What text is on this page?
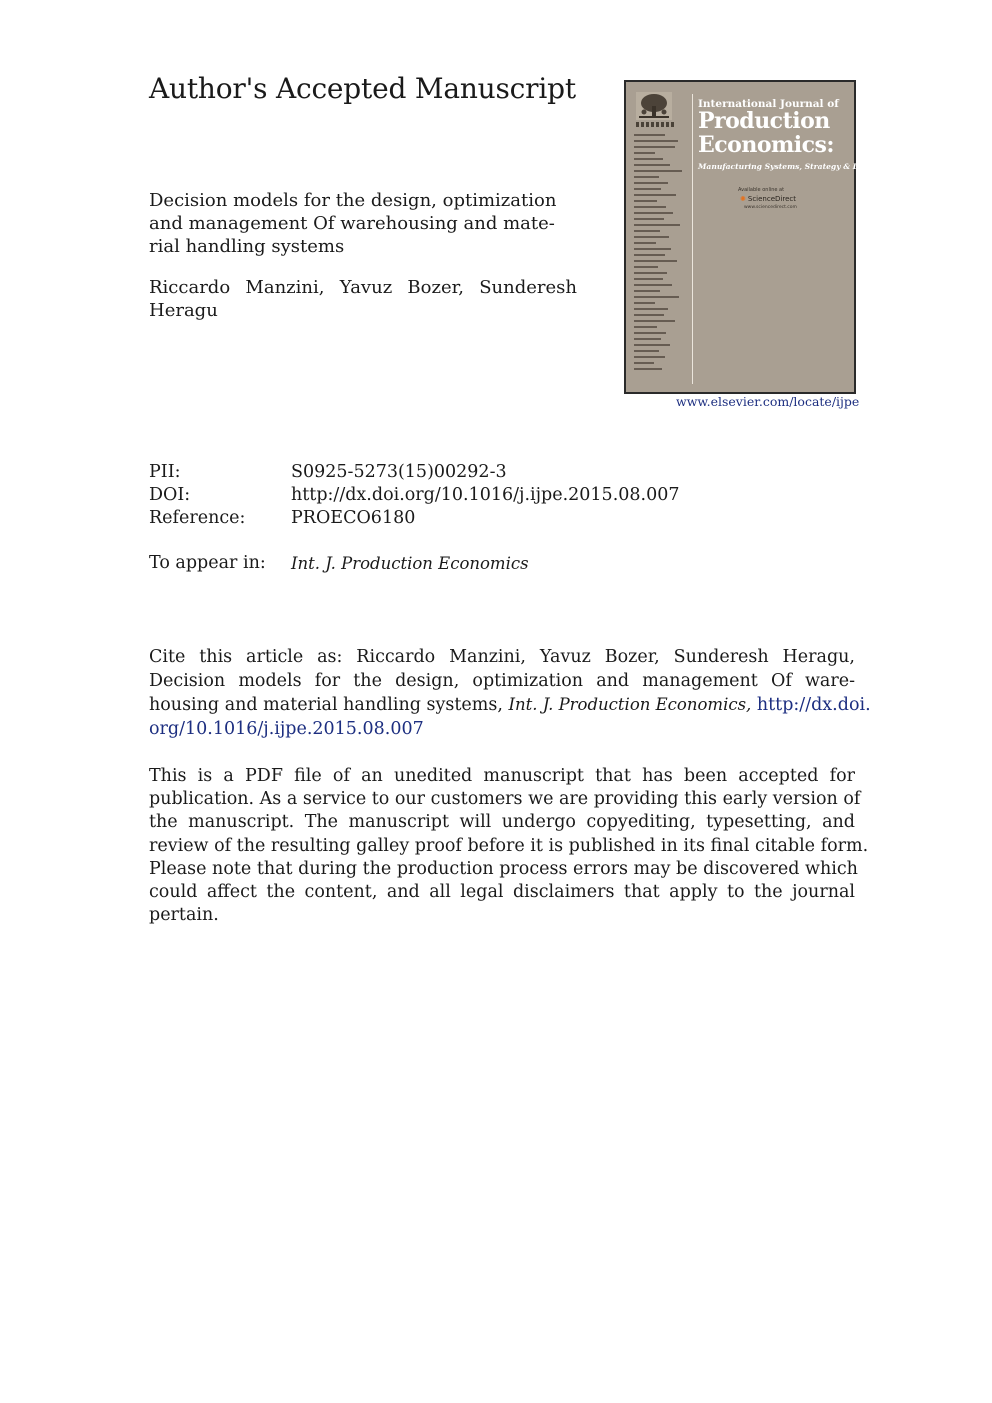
Author's Accepted Manuscript
Decision models for the design, optimization
and management Of warehousing and mate-
rial handling systems
Riccardo Manzini, Yavuz Bozer, Sunderesh
Heragu
International Journal of
Production
Economics:
Manufacturing Systems, Strategy & Design
Available online at
✺ ScienceDirect
www.sciencedirect.com
www.elsevier.com/locate/ijpe
PII:	S0925-5273(15)00292-3
DOI:	http://dx.doi.org/10.1016/j.ijpe.2015.08.007
Reference:	PROECO6180
To appear in:	Int. J. Production Economics
Cite this article as: Riccardo Manzini, Yavuz Bozer, Sunderesh Heragu,
Decision models for the design, optimization and management Of ware-
housing and material handling systems, Int. J. Production Economics, http://dx.doi.
org/10.1016/j.ijpe.2015.08.007
This is a PDF file of an unedited manuscript that has been accepted for
publication. As a service to our customers we are providing this early version of
the manuscript. The manuscript will undergo copyediting, typesetting, and
review of the resulting galley proof before it is published in its final citable form.
Please note that during the production process errors may be discovered which
could affect the content, and all legal disclaimers that apply to the journal
pertain.
